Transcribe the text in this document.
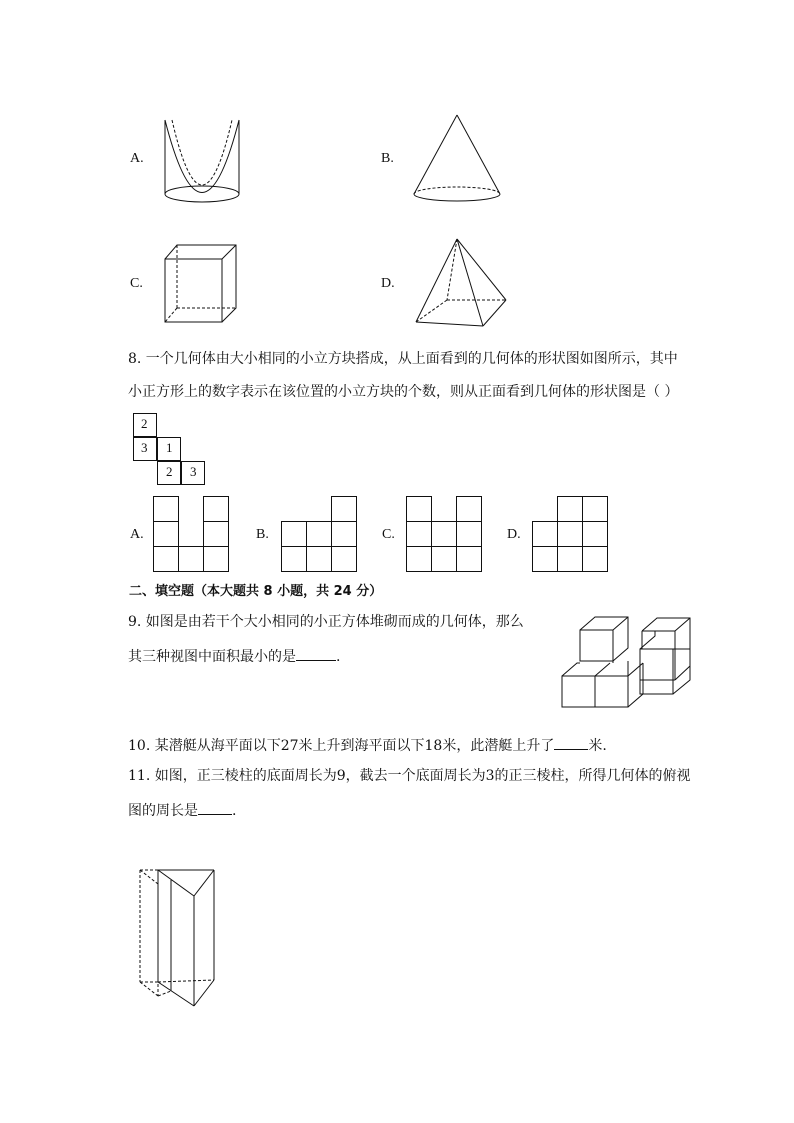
A.	B.
C.	D.
8. 一个几何体由大小相同的小立方块搭成，从上面看到的几何体的形状图如图所示，其中
小正方形上的数字表示在该位置的小立方块的个数，则从正面看到几何体的形状图是（ ）
2
3 1
2 3
A.	B.	C.	D.
二、填空题（本大题共 8 小题，共 24 分）
9. 如图是由若干个大小相同的小正方体堆砌而成的几何体，那么
其三种视图中面积最小的是	.
10. 某潜艇从海平面以下27米上升到海平面以下18米，此潜艇上升了 米.
11. 如图，正三棱柱的底面周长为9，截去一个底面周长为3的正三棱柱，所得几何体的俯视
图的周长是 .
